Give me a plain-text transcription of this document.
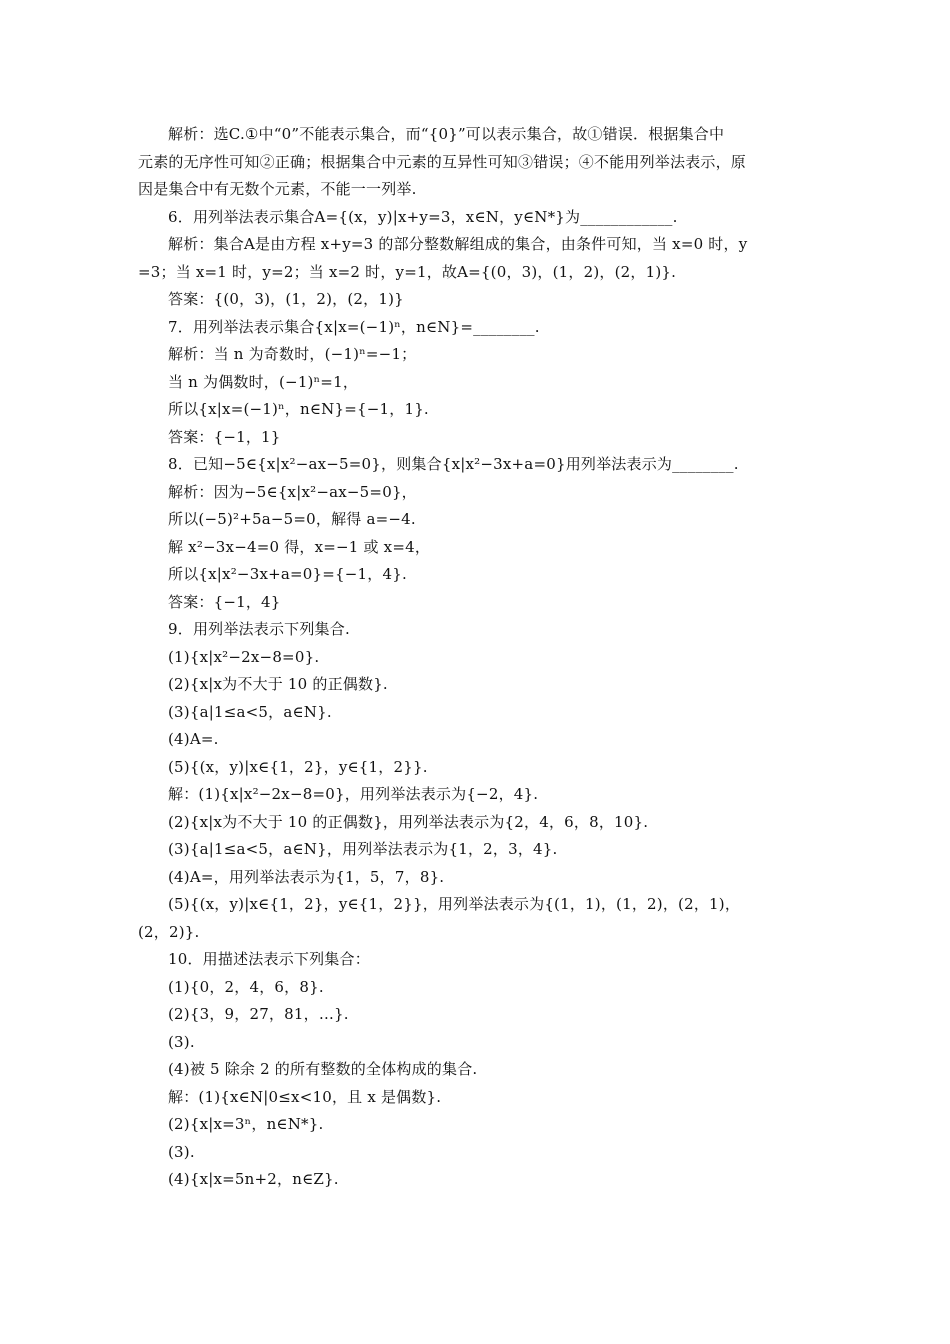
解析：选C.①中“0”不能表示集合，而“{0}”可以表示集合，故①错误．根据集合中
元素的无序性可知②正确；根据集合中元素的互异性可知③错误；④不能用列举法表示，原
因是集合中有无数个元素，不能一一列举.
6．用列举法表示集合A={(x，y)|x+y=3，x∈N，y∈N*}为____________.
解析：集合A是由方程 x+y=3 的部分整数解组成的集合，由条件可知，当 x=0 时，y
=3；当 x=1 时，y=2；当 x=2 时，y=1，故A={(0，3)，(1，2)，(2，1)}.
答案：{(0，3)，(1，2)，(2，1)}
7．用列举法表示集合{x|x=(−1)ⁿ，n∈N}=________.
解析：当 n 为奇数时，(−1)ⁿ=−1；
当 n 为偶数时，(−1)ⁿ=1，
所以{x|x=(−1)ⁿ，n∈N}={−1，1}.
答案：{−1，1}
8．已知−5∈{x|x²−ax−5=0}，则集合{x|x²−3x+a=0}用列举法表示为________.
解析：因为−5∈{x|x²−ax−5=0}，
所以(−5)²+5a−5=0，解得 a=−4.
解 x²−3x−4=0 得，x=−1 或 x=4，
所以{x|x²−3x+a=0}={−1，4}.
答案：{−1，4}
9．用列举法表示下列集合.
(1){x|x²−2x−8=0}.
(2){x|x为不大于 10 的正偶数}.
(3){a|1≤a<5，a∈N}.
(4)A=.
(5){(x，y)|x∈{1，2}，y∈{1，2}}.
解：(1){x|x²−2x−8=0}，用列举法表示为{−2，4}.
(2){x|x为不大于 10 的正偶数}，用列举法表示为{2，4，6，8，10}.
(3){a|1≤a<5，a∈N}，用列举法表示为{1，2，3，4}.
(4)A=，用列举法表示为{1，5，7，8}.
(5){(x，y)|x∈{1，2}，y∈{1，2}}，用列举法表示为{(1，1)，(1，2)，(2，1)，
(2，2)}.
10．用描述法表示下列集合：
(1){0，2，4，6，8}.
(2){3，9，27，81，…}.
(3).
(4)被 5 除余 2 的所有整数的全体构成的集合.
解：(1){x∈N|0≤x<10，且 x 是偶数}.
(2){x|x=3ⁿ，n∈N*}.
(3).
(4){x|x=5n+2，n∈Z}.
